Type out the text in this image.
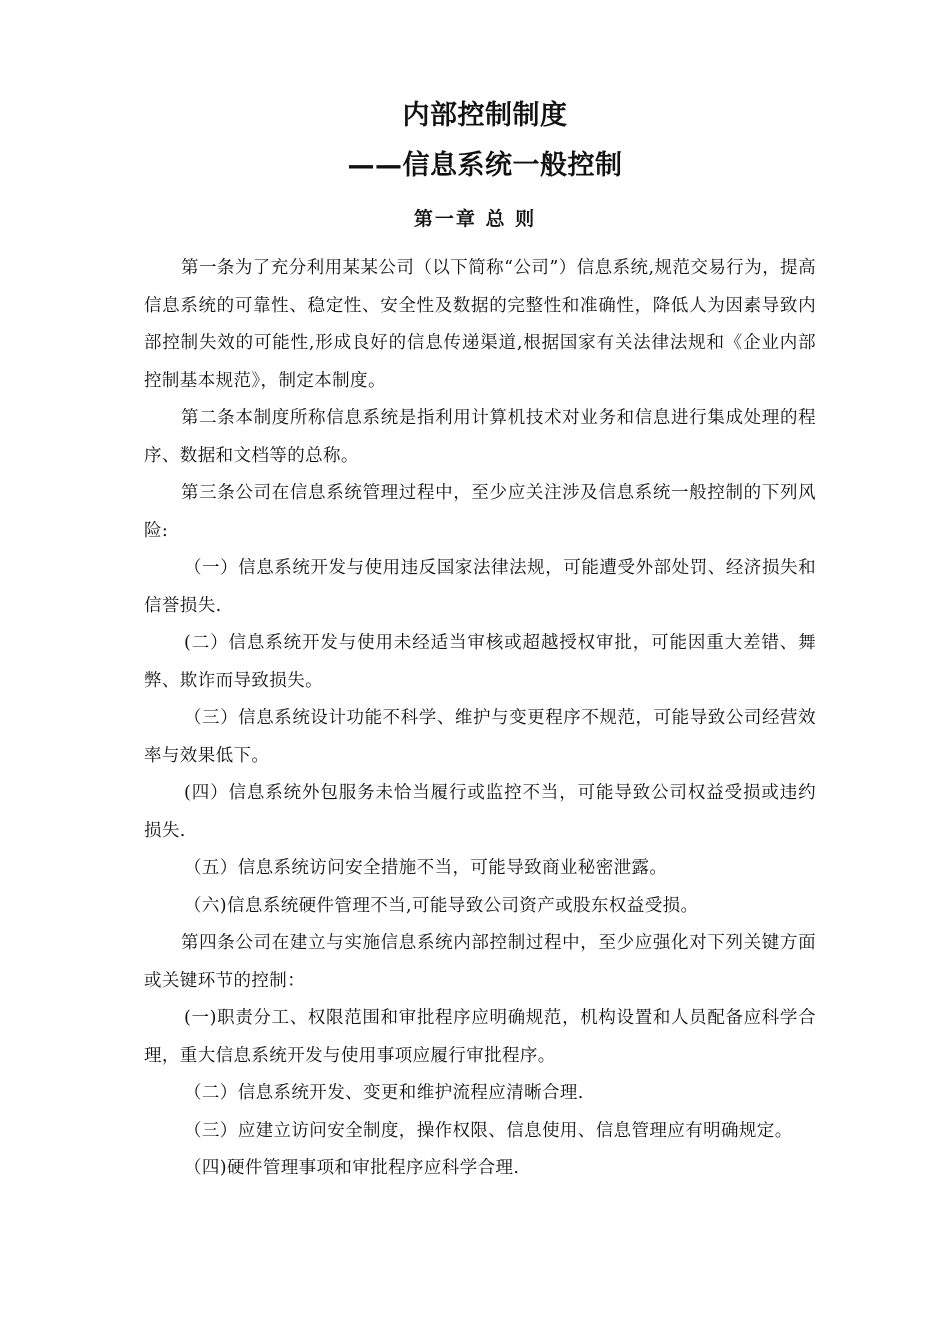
内部控制制度
——信息系统一般控制
第一章 总 则

第一条为了充分利用某某公司（以下简称“公司”）信息系统,规范交易行为，提高信息系统的可靠性、稳定性、安全性及数据的完整性和准确性，降低人为因素导致内部控制失效的可能性,形成良好的信息传递渠道,根据国家有关法律法规和《企业内部控制基本规范》，制定本制度。

第二条本制度所称信息系统是指利用计算机技术对业务和信息进行集成处理的程序、数据和文档等的总称。

第三条公司在信息系统管理过程中，至少应关注涉及信息系统一般控制的下列风险:

（一）信息系统开发与使用违反国家法律法规，可能遭受外部处罚、经济损失和信誉损失.

(二）信息系统开发与使用未经适当审核或超越授权审批，可能因重大差错、舞弊、欺诈而导致损失。

（三）信息系统设计功能不科学、维护与变更程序不规范，可能导致公司经营效率与效果低下。

(四）信息系统外包服务未恰当履行或监控不当，可能导致公司权益受损或违约损失.

（五）信息系统访问安全措施不当，可能导致商业秘密泄露。

（六)信息系统硬件管理不当,可能导致公司资产或股东权益受损。

第四条公司在建立与实施信息系统内部控制过程中，至少应强化对下列关键方面或关键环节的控制：

(一)职责分工、权限范围和审批程序应明确规范，机构设置和人员配备应科学合理，重大信息系统开发与使用事项应履行审批程序。

（二）信息系统开发、变更和维护流程应清晰合理.

（三）应建立访问安全制度，操作权限、信息使用、信息管理应有明确规定。

（四)硬件管理事项和审批程序应科学合理.
